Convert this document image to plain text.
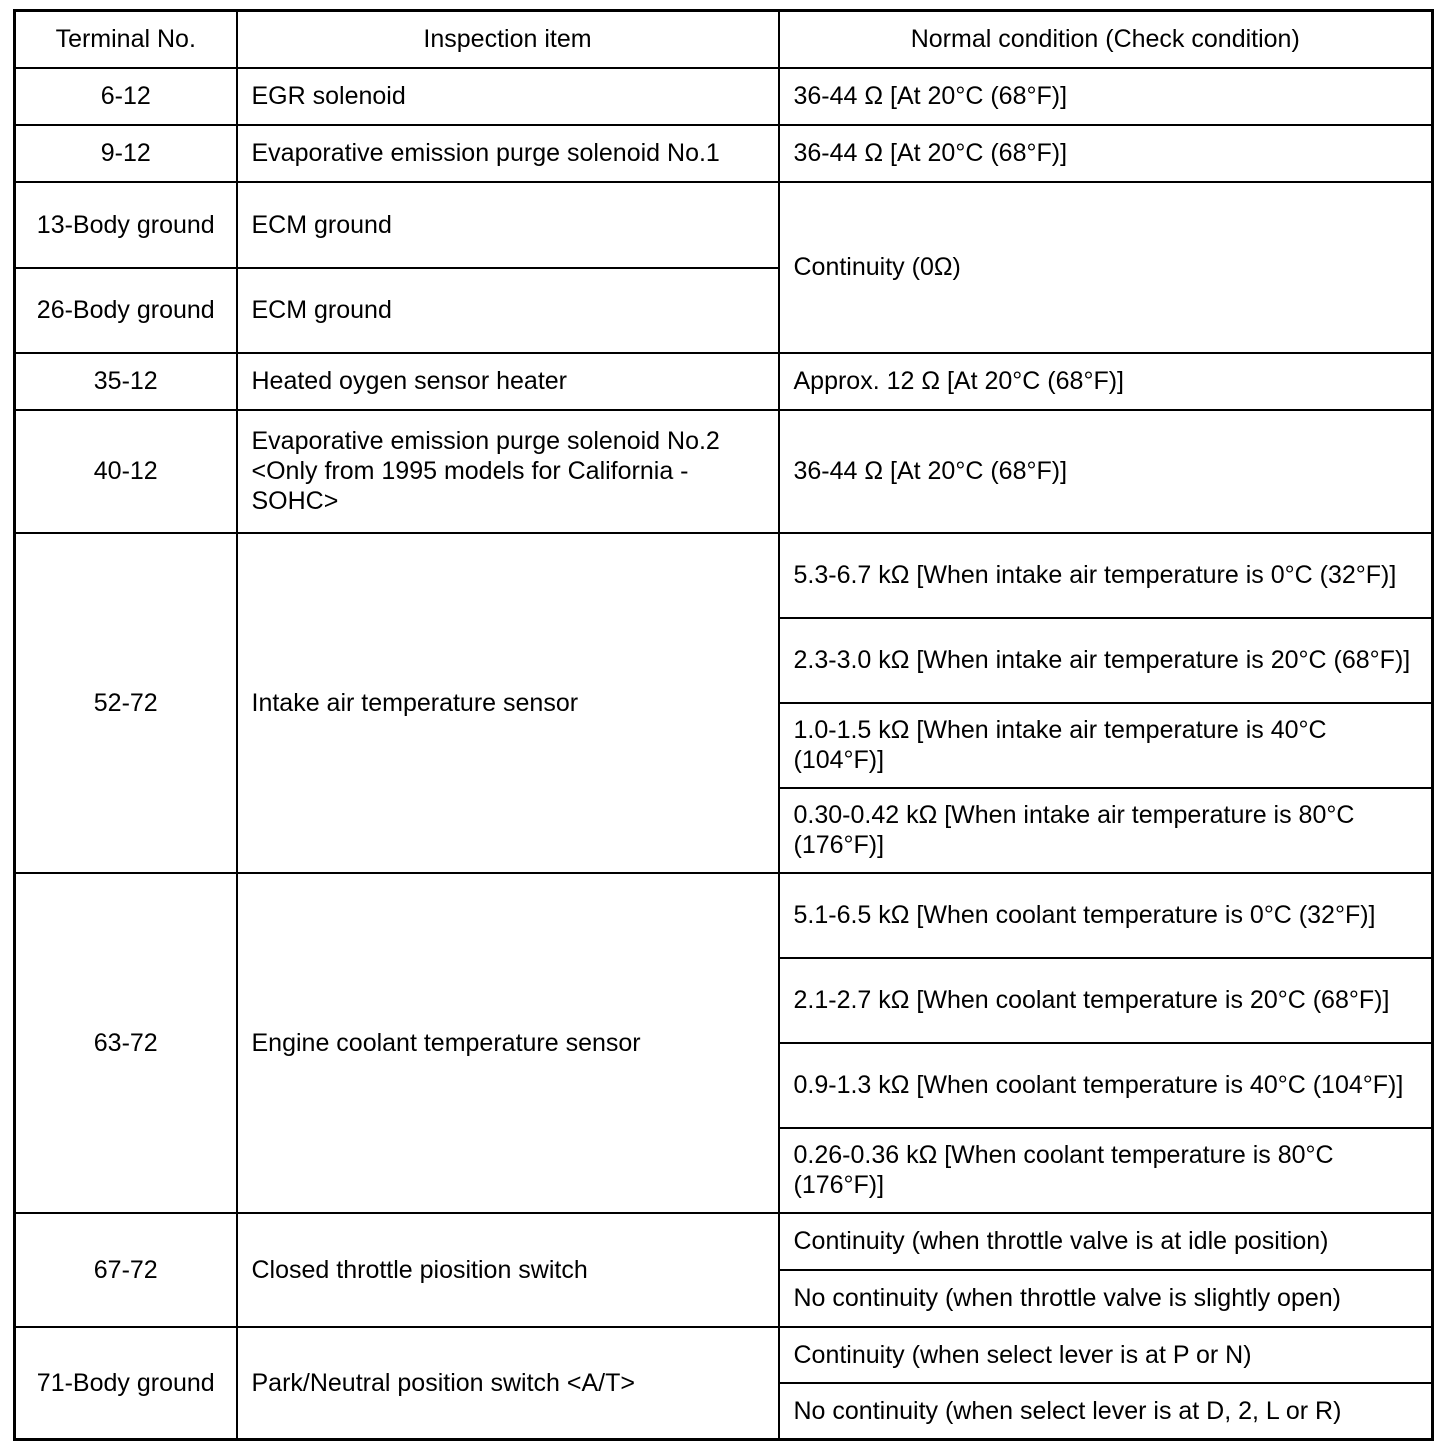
Terminal No.	Inspection item	Normal condition (Check condition)
6-12	EGR solenoid	36-44 Ω [At 20°C (68°F)]
9-12	Evaporative emission purge solenoid No.1	36-44 Ω [At 20°C (68°F)]
13-Body ground	ECM ground	Continuity (0Ω)
26-Body ground	ECM ground	
35-12	Heated oygen sensor heater	Approx. 12 Ω [At 20°C (68°F)]
40-12	Evaporative emission purge solenoid No.2 <Only from 1995 models for California - SOHC>	36-44 Ω [At 20°C (68°F)]
52-72	Intake air temperature sensor	5.3-6.7 kΩ [When intake air temperature is 0°C (32°F)]
		2.3-3.0 kΩ [When intake air temperature is 20°C (68°F)]
		1.0-1.5 kΩ [When intake air temperature is 40°C (104°F)]
		0.30-0.42 kΩ [When intake air temperature is 80°C (176°F)]
63-72	Engine coolant temperature sensor	5.1-6.5 kΩ [When coolant temperature is 0°C (32°F)]
		2.1-2.7 kΩ [When coolant temperature is 20°C (68°F)]
		0.9-1.3 kΩ [When coolant temperature is 40°C (104°F)]
		0.26-0.36 kΩ [When coolant temperature is 80°C (176°F)]
67-72	Closed throttle piosition switch	Continuity (when throttle valve is at idle position)
		No continuity (when throttle valve is slightly open)
71-Body ground	Park/Neutral position switch <A/T>	Continuity (when select lever is at P or N)
		No continuity (when select lever is at D, 2, L or R)
